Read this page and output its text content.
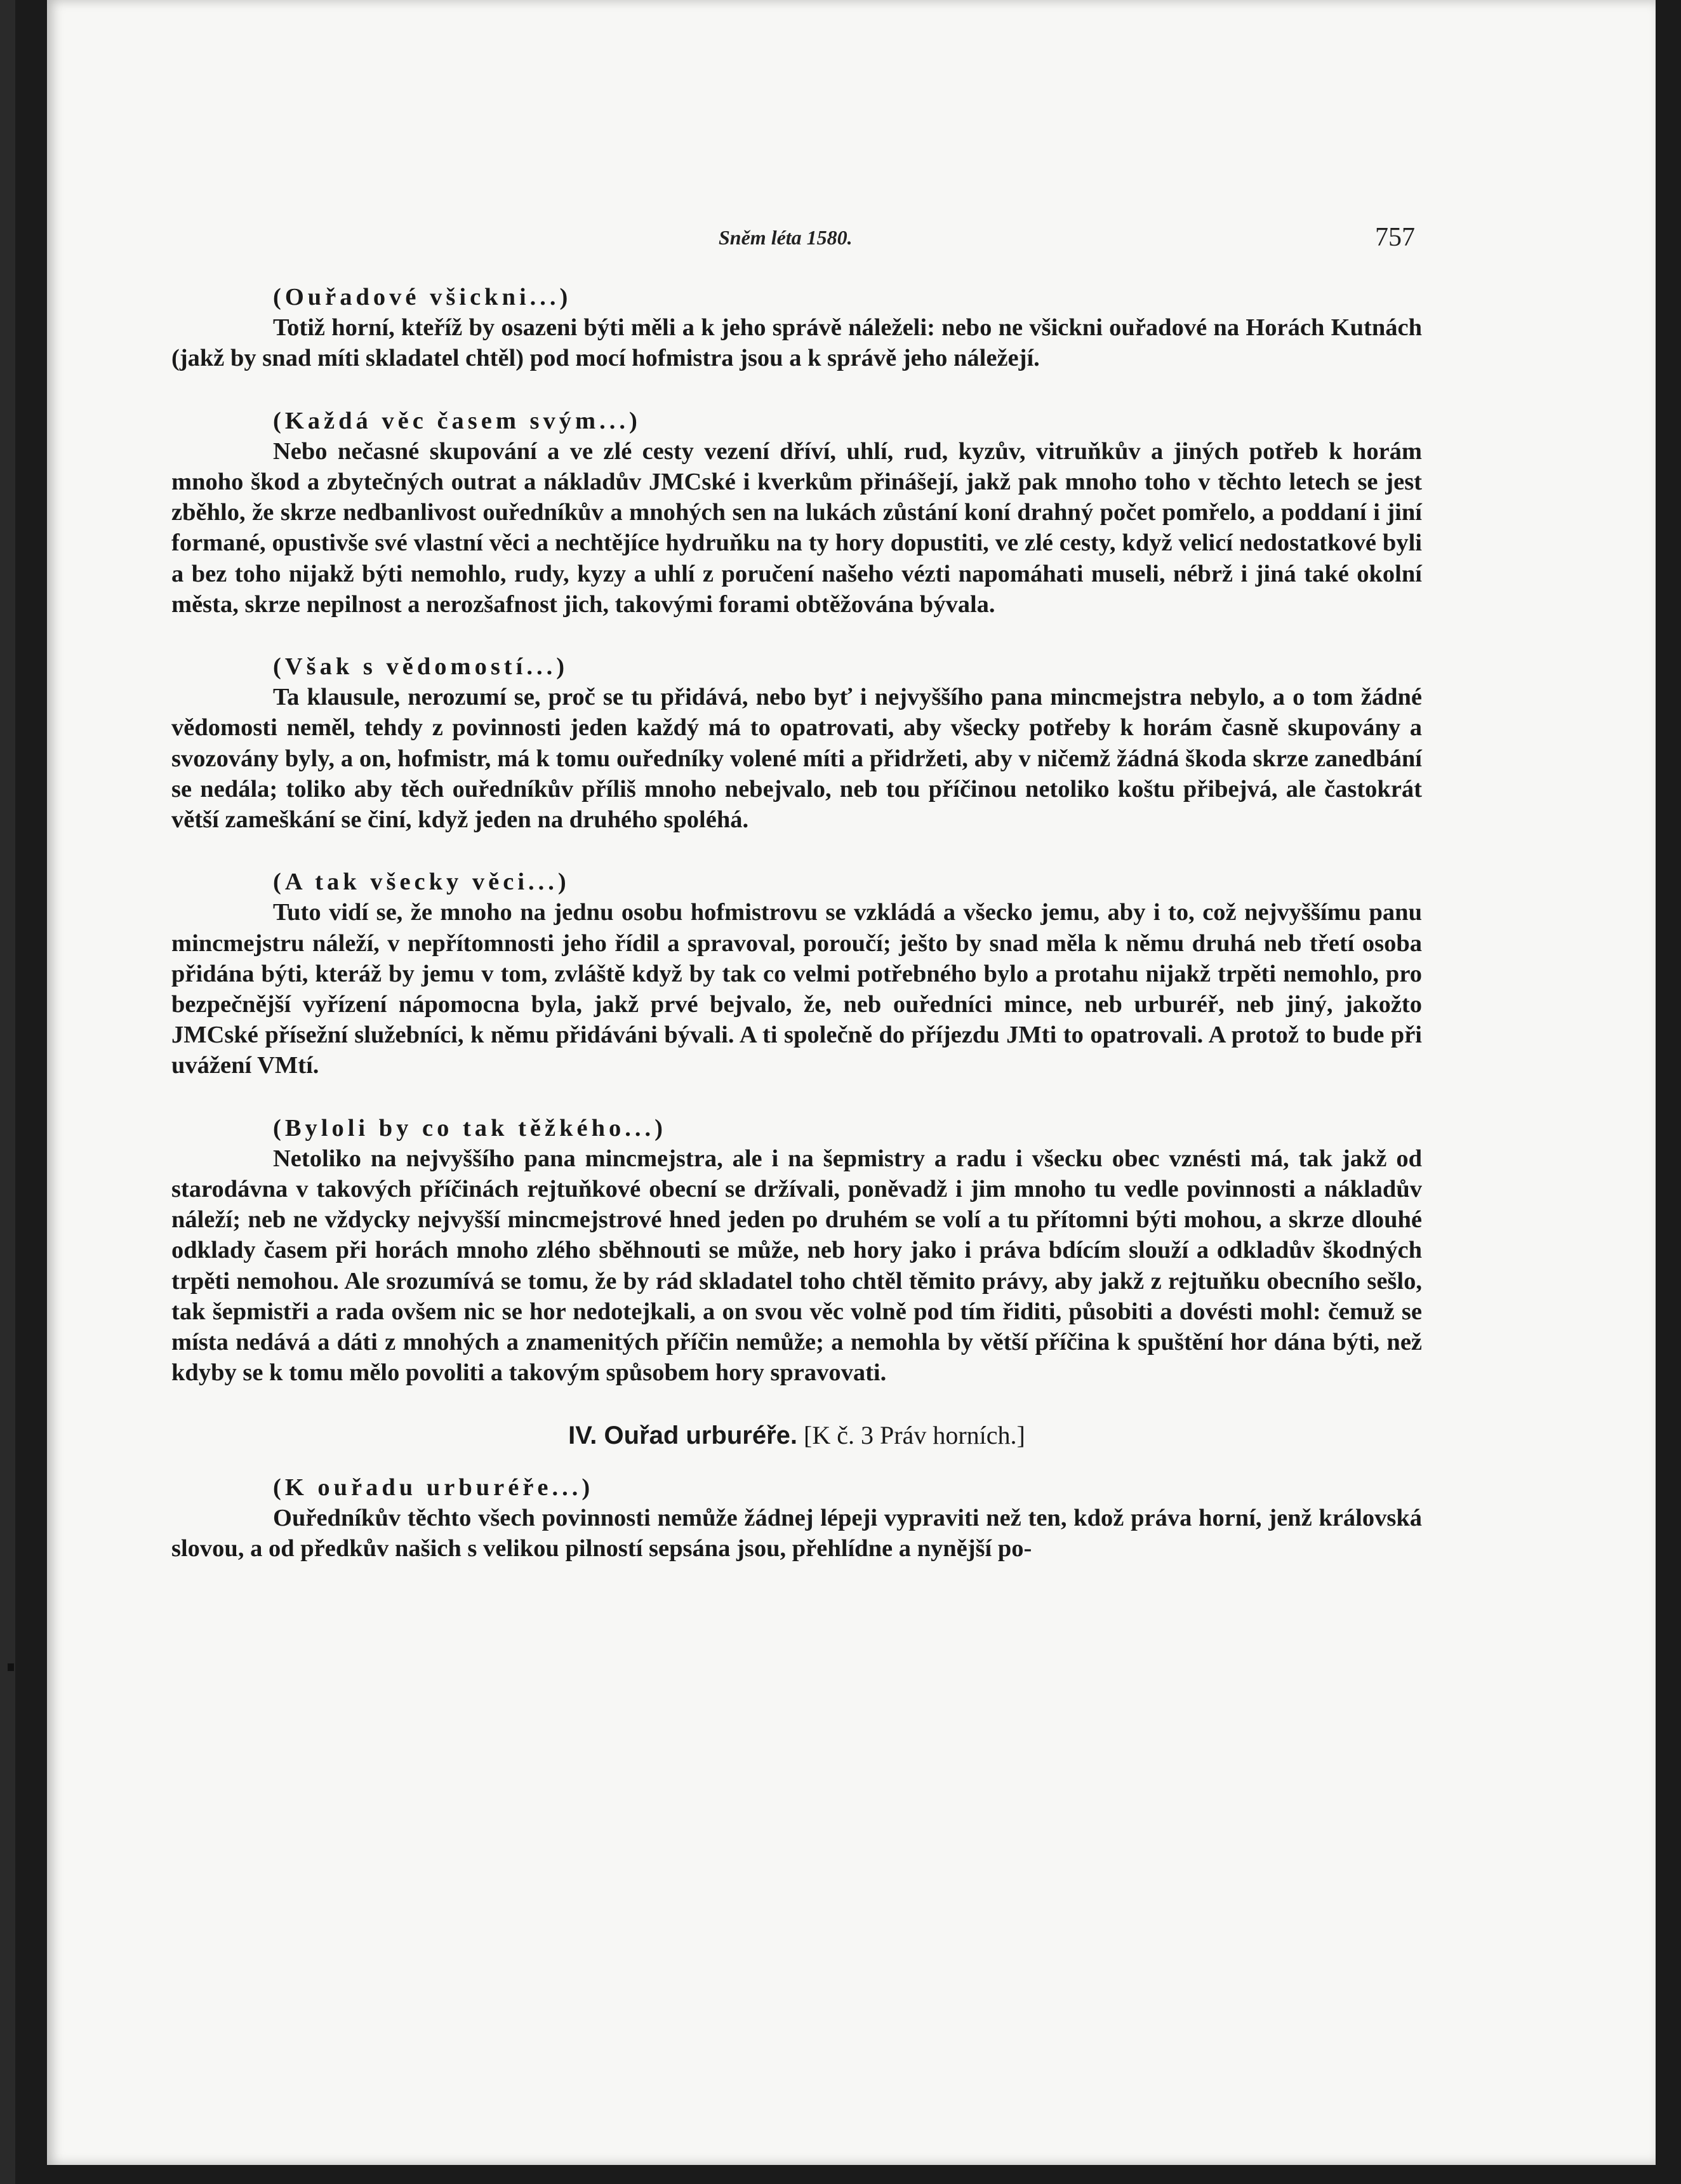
Sněm léta 1580.	757
(Ouřadové všickni...)

Totiž horní, kteříž by osazeni býti měli a k jeho správě náleželi: nebo ne všickni ouřadové na Horách Kutnách (jakž by snad míti skladatel chtěl) pod mocí hofmistra jsou a k správě jeho náležejí.

(Každá věc časem svým...)

Nebo nečasné skupování a ve zlé cesty vezení dříví, uhlí, rud, kyzův, vitruňkův a jiných potřeb k horám mnoho škod a zbytečných outrat a nákladův JMCské i kverkům přinášejí, jakž pak mnoho toho v těchto letech se jest zběhlo, že skrze nedbanlivost ouředníkův a mnohých sen na lukách zůstání koní drahný počet pomřelo, a poddaní i jiní formané, opustivše své vlastní věci a nechtějíce hydruňku na ty hory dopustiti, ve zlé cesty, když velicí nedostatkové byli a bez toho nijakž býti nemohlo, rudy, kyzy a uhlí z poručení našeho vézti napomáhati museli, nébrž i jiná také okolní města, skrze nepilnost a nerozšafnost jich, takovými forami obtěžována bývala.

(Však s vědomostí...)

Ta klausule, nerozumí se, proč se tu přidává, nebo byť i nejvyššího pana mincmejstra nebylo, a o tom žádné vědomosti neměl, tehdy z povinnosti jeden každý má to opatrovati, aby všecky potřeby k horám časně skupovány a svozovány byly, a on, hofmistr, má k tomu ouředníky volené míti a přidržeti, aby v ničemž žádná škoda skrze zanedbání se nedála; toliko aby těch ouředníkův příliš mnoho nebejvalo, neb tou příčinou netoliko koštu přibejvá, ale častokrát větší zameškání se činí, když jeden na druhého spoléhá.

(A tak všecky věci...)

Tuto vidí se, že mnoho na jednu osobu hofmistrovu se vzkládá a všecko jemu, aby i to, což nejvyššímu panu mincmejstru náleží, v nepřítomnosti jeho řídil a spravoval, poroučí; ješto by snad měla k němu druhá neb třetí osoba přidána býti, kteráž by jemu v tom, zvláště když by tak co velmi potřebného bylo a protahu nijakž trpěti nemohlo, pro bezpečnější vyřízení nápomocna byla, jakž prvé bejvalo, že, neb ouředníci mince, neb urburéř, neb jiný, jakožto JMCské přísežní služebníci, k němu přidáváni bývali. A ti společně do příjezdu JMti to opatrovali. A protož to bude při uvážení VMtí.

(Byloli by co tak těžkého...)

Netoliko na nejvyššího pana mincmejstra, ale i na šepmistry a radu i všecku obec vznésti má, tak jakž od starodávna v takových příčinách rejtuňkové obecní se držívali, poněvadž i jim mnoho tu vedle povinnosti a nákladův náleží; neb ne vždycky nejvyšší mincmejstrové hned jeden po druhém se volí a tu přítomni býti mohou, a skrze dlouhé odklady časem při horách mnoho zlého sběhnouti se může, neb hory jako i práva bdícím slouží a odkladův škodných trpěti nemohou. Ale srozumívá se tomu, že by rád skladatel toho chtěl těmito právy, aby jakž z rejtuňku obecního sešlo, tak šepmistři a rada ovšem nic se hor nedotejkali, a on svou věc volně pod tím řiditi, působiti a dovésti mohl: čemuž se místa nedává a dáti z mnohých a znamenitých příčin nemůže; a nemohla by větší příčina k spuštění hor dána býti, než kdyby se k tomu mělo povoliti a takovým spůsobem hory spravovati.

IV. Ouřad urburéře. [K č. 3 Práv horních.]
(K ouřadu urburéře...)

Ouředníkův těchto všech povinnosti nemůže žádnej lépeji vypraviti než ten, kdož práva horní, jenž královská slovou, a od předkův našich s velikou pilností sepsána jsou, přehlídne a nynější po-
